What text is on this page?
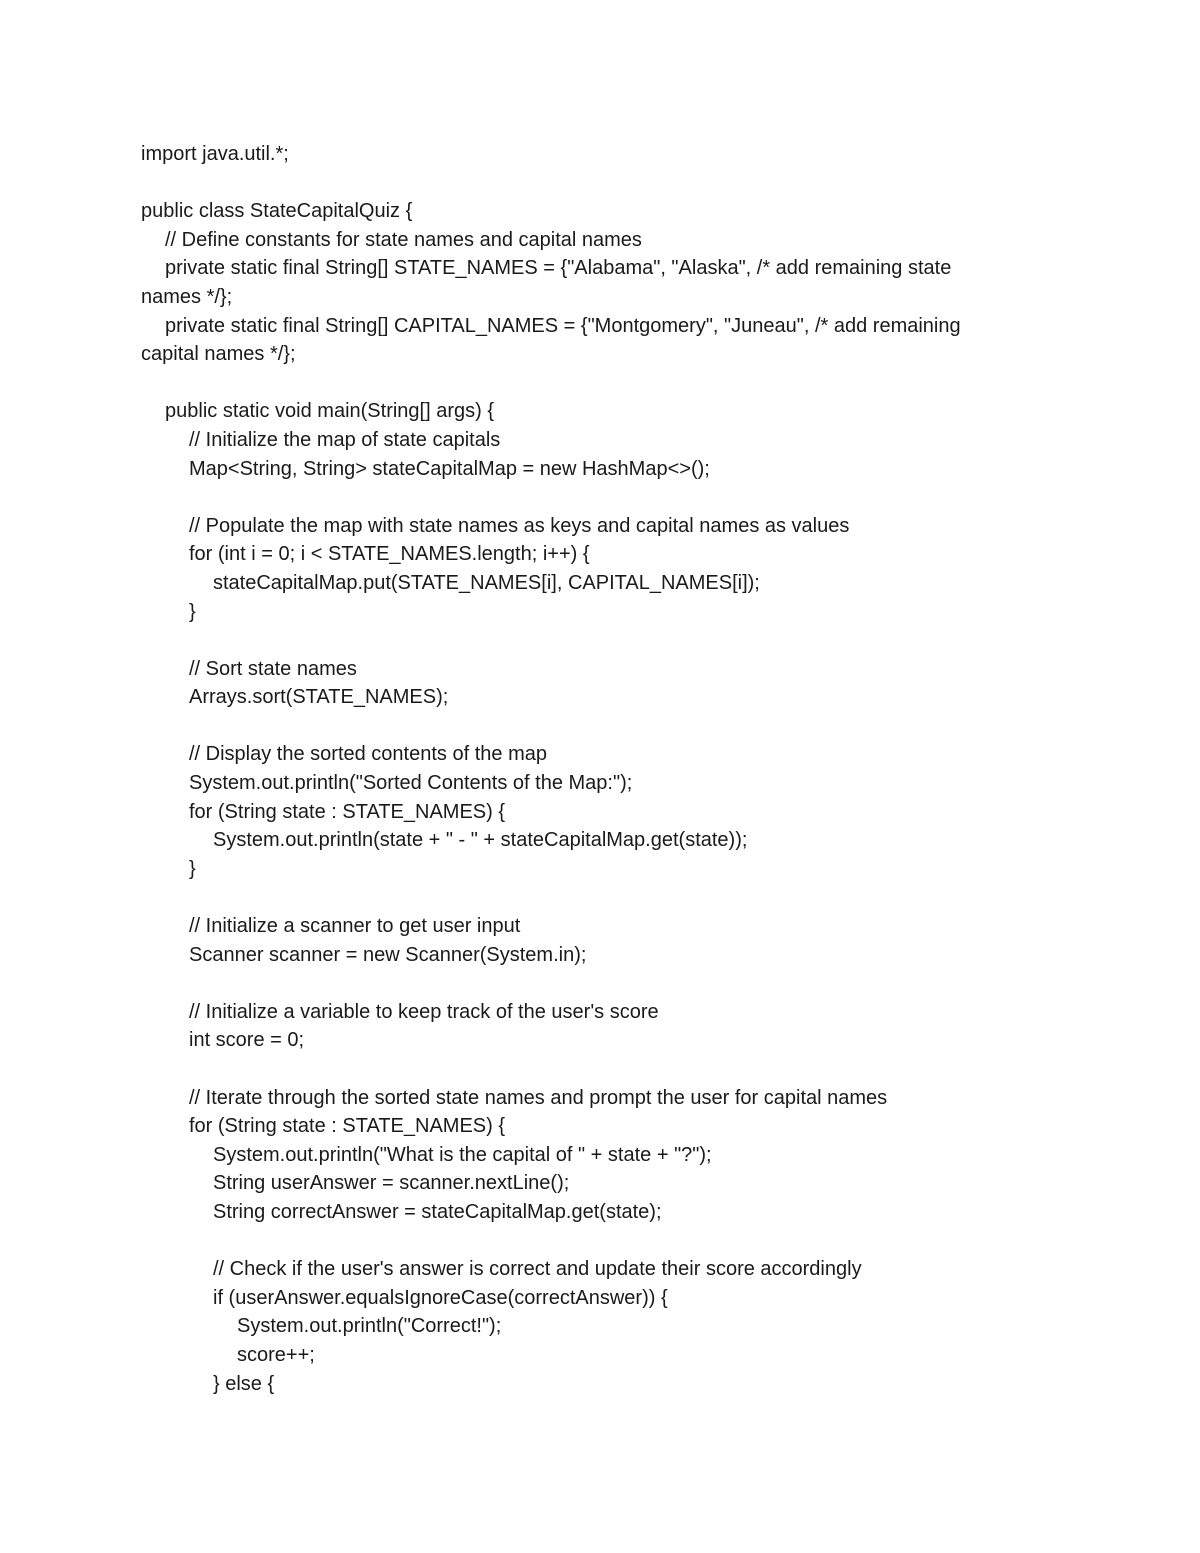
import java.util.*;
public class StateCapitalQuiz {
// Define constants for state names and capital names
private static final String[] STATE_NAMES = {"Alabama", "Alaska", /* add remaining state
names */};
private static final String[] CAPITAL_NAMES = {"Montgomery", "Juneau", /* add remaining
capital names */};
public static void main(String[] args) {
// Initialize the map of state capitals
Map<String, String> stateCapitalMap = new HashMap<>();
// Populate the map with state names as keys and capital names as values
for (int i = 0; i < STATE_NAMES.length; i++) {
stateCapitalMap.put(STATE_NAMES[i], CAPITAL_NAMES[i]);
}
// Sort state names
Arrays.sort(STATE_NAMES);
// Display the sorted contents of the map
System.out.println("Sorted Contents of the Map:");
for (String state : STATE_NAMES) {
System.out.println(state + " - " + stateCapitalMap.get(state));
}
// Initialize a scanner to get user input
Scanner scanner = new Scanner(System.in);
// Initialize a variable to keep track of the user's score
int score = 0;
// Iterate through the sorted state names and prompt the user for capital names
for (String state : STATE_NAMES) {
System.out.println("What is the capital of " + state + "?");
String userAnswer = scanner.nextLine();
String correctAnswer = stateCapitalMap.get(state);
// Check if the user's answer is correct and update their score accordingly
if (userAnswer.equalsIgnoreCase(correctAnswer)) {
System.out.println("Correct!");
score++;
} else {
